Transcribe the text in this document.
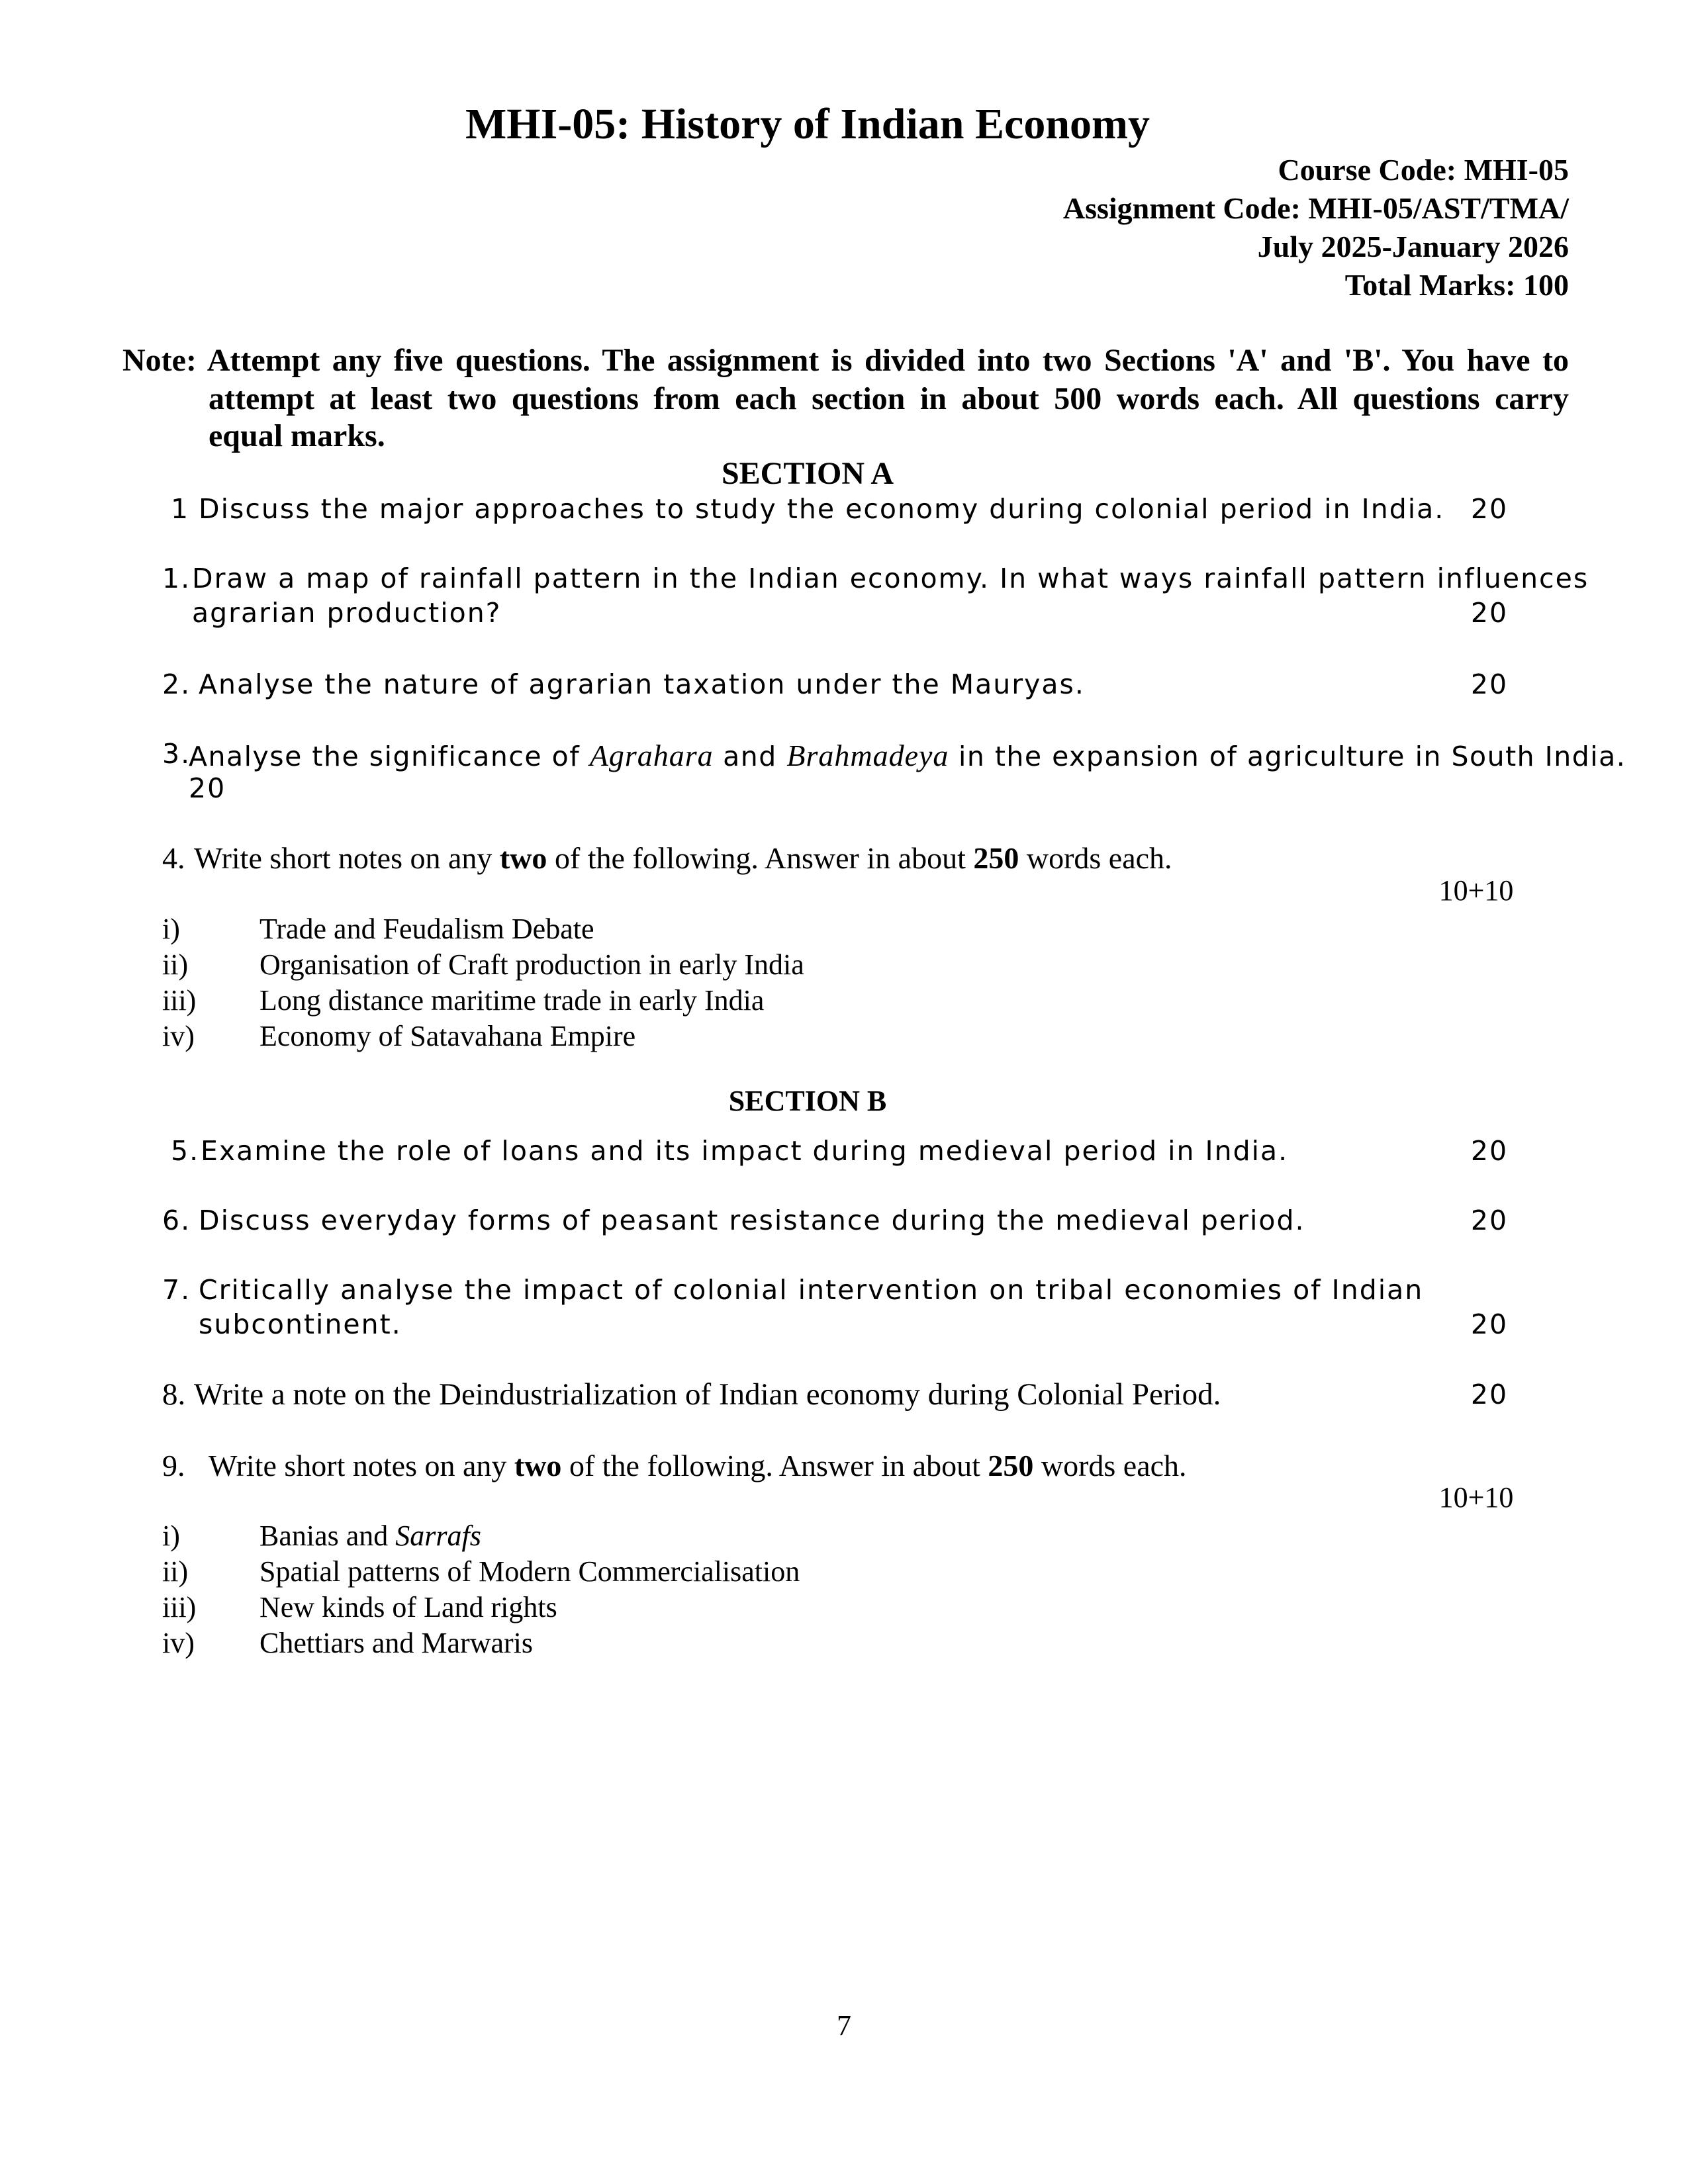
MHI-05: History of Indian Economy
Course Code: MHI-05
Assignment Code: MHI-05/AST/TMA/
July 2025-January 2026
Total Marks: 100
Note: Attempt any five questions. The assignment is divided into two Sections 'A' and 'B'. You have to
attempt at least two questions from each section in about 500 words each. All questions carry
equal marks.
SECTION A
1 Discuss the major approaches to study the economy during colonial period in India. 20
1. Draw a map of rainfall pattern in the Indian economy. In what ways rainfall pattern influences
agrarian production?	20
2. Analyse the nature of agrarian taxation under the Mauryas.	20
3.
Analyse the significance of Agrahara and Brahmadeya in the expansion of agriculture in South India.
20
4. Write short notes on any two of the following. Answer in about 250 words each.
10+10
i)	Trade and Feudalism Debate
ii) Organisation of Craft production in early India
iii) Long distance maritime trade in early India
iv) Economy of Satavahana Empire
SECTION B
5. Examine the role of loans and its impact during medieval period in India.	20
6. Discuss everyday forms of peasant resistance during the medieval period.	20
7. Critically analyse the impact of colonial intervention on tribal economies of Indian
subcontinent.	20
8. Write a note on the Deindustrialization of Indian economy during Colonial Period.	20
9. Write short notes on any two of the following. Answer in about 250 words each.
10+10
i)	Banias and Sarrafs
ii) Spatial patterns of Modern Commercialisation
iii) New kinds of Land rights
iv) Chettiars and Marwaris
7
